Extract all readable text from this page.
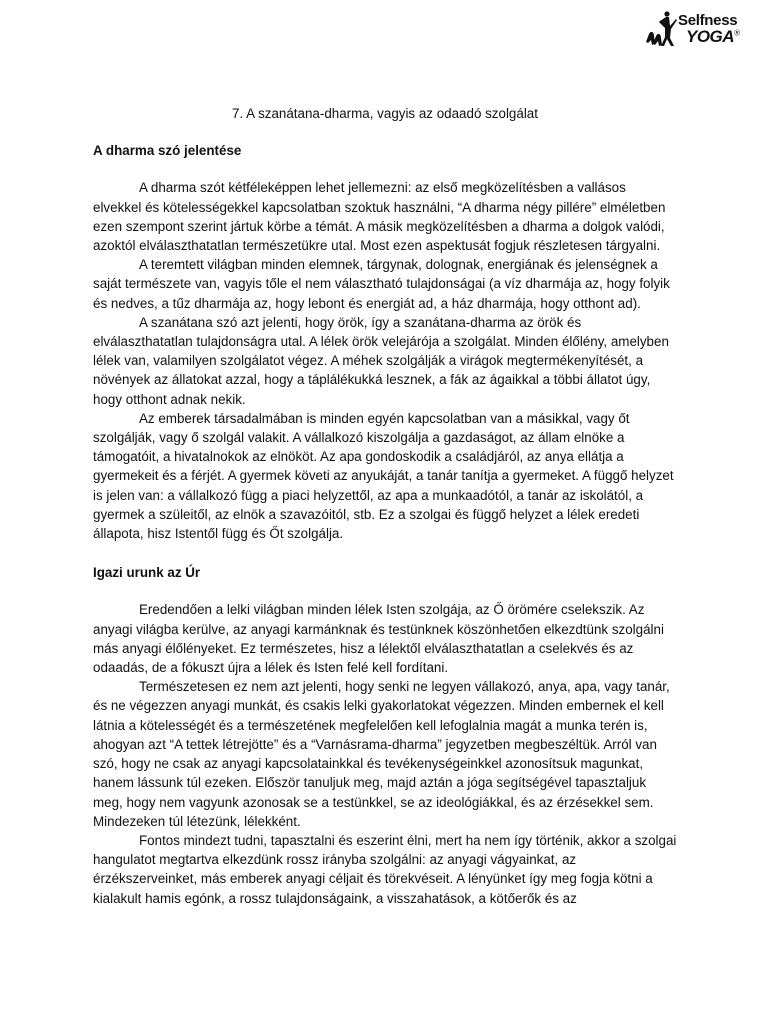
Selfness
YOGA®
7. A szanátana-dharma, vagyis az odaadó szolgálat
A dharma szó jelentése

A dharma szót kétféleképpen lehet jellemezni: az első megközelítésben a vallásos elvekkel és kötelességekkel kapcsolatban szoktuk használni, “A dharma négy pillére” elméletben ezen szempont szerint jártuk körbe a témát. A másik megközelítésben a dharma a dolgok valódi, azoktól elválaszthatatlan természetükre utal. Most ezen aspektusát fogjuk részletesen tárgyalni.

A teremtett világban minden elemnek, tárgynak, dolognak, energiának és jelenségnek a saját természete van, vagyis tőle el nem választható tulajdonságai (a víz dharmája az, hogy folyik és nedves, a tűz dharmája az, hogy lebont és energiát ad, a ház dharmája, hogy otthont ad).

A szanátana szó azt jelenti, hogy örök, így a szanátana-dharma az örök és elválaszthatatlan tulajdonságra utal. A lélek örök velejárója a szolgálat. Minden élőlény, amelyben lélek van, valamilyen szolgálatot végez. A méhek szolgálják a virágok megtermékenyítését, a növények az állatokat azzal, hogy a táplálékukká lesznek, a fák az ágaikkal a többi állatot úgy, hogy otthont adnak nekik.

Az emberek társadalmában is minden egyén kapcsolatban van a másikkal, vagy őt szolgálják, vagy ő szolgál valakit. A vállalkozó kiszolgálja a gazdaságot, az állam elnöke a támogatóit, a hivatalnokok az elnököt. Az apa gondoskodik a családjáról, az anya ellátja a gyermekeit és a férjét. A gyermek követi az anyukáját, a tanár tanítja a gyermeket. A függő helyzet is jelen van: a vállalkozó függ a piaci helyzettől, az apa a munkaadótól, a tanár az iskolától, a gyermek a szüleitől, az elnök a szavazóitól, stb. Ez a szolgai és függő helyzet a lélek eredeti állapota, hisz Istentől függ és Őt szolgálja.

Igazi urunk az Úr

Eredendően a lelki világban minden lélek Isten szolgája, az Ő örömére cselekszik. Az anyagi világba kerülve, az anyagi karmánknak és testünknek köszönhetően elkezdtünk szolgálni más anyagi élőlényeket. Ez természetes, hisz a lélektől elválaszthatatlan a cselekvés és az odaadás, de a fókuszt újra a lélek és Isten felé kell fordítani.

Természetesen ez nem azt jelenti, hogy senki ne legyen vállakozó, anya, apa, vagy tanár, és ne végezzen anyagi munkát, és csakis lelki gyakorlatokat végezzen. Minden embernek el kell látnia a kötelességét és a természetének megfelelően kell lefoglalnia magát a munka terén is, ahogyan azt “A tettek létrejötte” és a “Varnásrama-dharma” jegyzetben megbeszéltük. Arról van szó, hogy ne csak az anyagi kapcsolatainkkal és tevékenységeinkkel azonosítsuk magunkat, hanem lássunk túl ezeken. Először tanuljuk meg, majd aztán a jóga segítségével tapasztaljuk meg, hogy nem vagyunk azonosak se a testünkkel, se az ideológiákkal, és az érzésekkel sem. Mindezeken túl létezünk, lélekként.

Fontos mindezt tudni, tapasztalni és eszerint élni, mert ha nem így történik, akkor a szolgai hangulatot megtartva elkezdünk rossz irányba szolgálni: az anyagi vágyainkat, az érzékszerveinket, más emberek anyagi céljait és törekvéseit. A lényünket így meg fogja kötni a kialakult hamis egónk, a rossz tulajdonságaink, a visszahatások, a kötőerők és az
